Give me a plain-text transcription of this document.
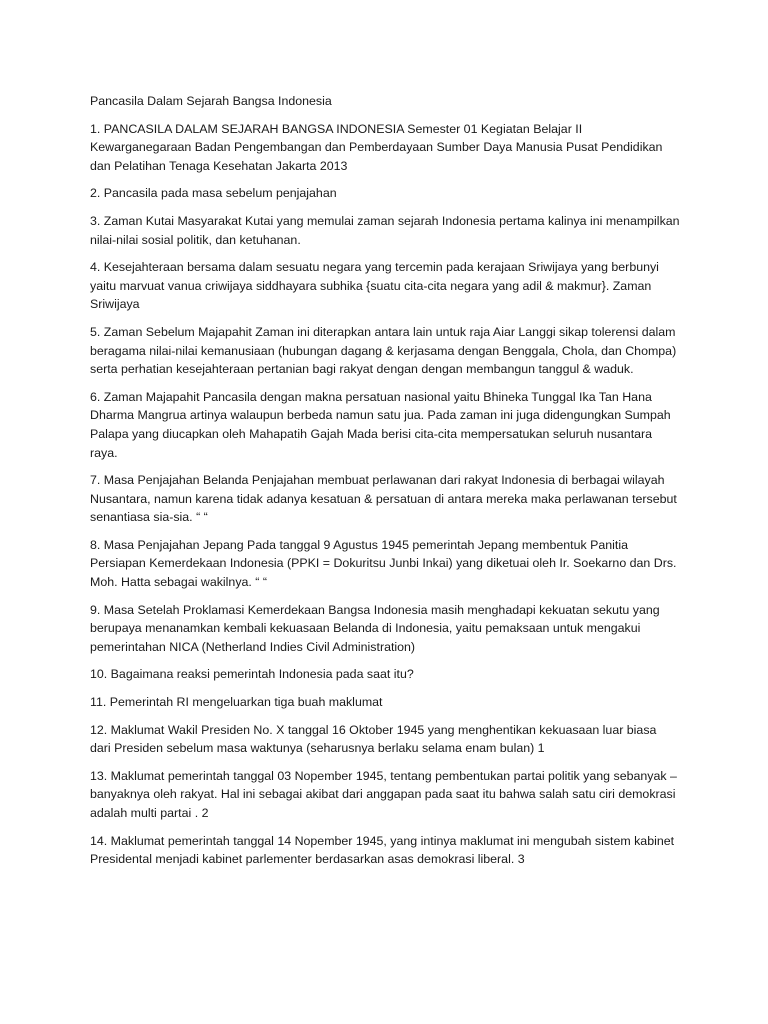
Pancasila Dalam Sejarah Bangsa Indonesia

1. PANCASILA DALAM SEJARAH BANGSA INDONESIA Semester 01 Kegiatan Belajar II Kewarganegaraan Badan Pengembangan dan Pemberdayaan Sumber Daya Manusia Pusat Pendidikan dan Pelatihan Tenaga Kesehatan Jakarta 2013

2. Pancasila pada masa sebelum penjajahan

3. Zaman Kutai Masyarakat Kutai yang memulai zaman sejarah Indonesia pertama kalinya ini menampilkan nilai-nilai sosial politik, dan ketuhanan.

4. Kesejahteraan bersama dalam sesuatu negara yang tercemin pada kerajaan Sriwijaya yang berbunyi yaitu marvuat vanua criwijaya siddhayara subhika {suatu cita-cita negara yang adil & makmur}. Zaman Sriwijaya

5. Zaman Sebelum Majapahit Zaman ini diterapkan antara lain untuk raja Aiar Langgi sikap tolerensi dalam beragama nilai-nilai kemanusiaan (hubungan dagang & kerjasama dengan Benggala, Chola, dan Chompa) serta perhatian kesejahteraan pertanian bagi rakyat dengan dengan membangun tanggul & waduk.

6. Zaman Majapahit Pancasila dengan makna persatuan nasional yaitu Bhineka Tunggal Ika Tan Hana Dharma Mangrua artinya walaupun berbeda namun satu jua. Pada zaman ini juga didengungkan Sumpah Palapa yang diucapkan oleh Mahapatih Gajah Mada berisi cita-cita mempersatukan seluruh nusantara raya.

7. Masa Penjajahan Belanda Penjajahan membuat perlawanan dari rakyat Indonesia di berbagai wilayah Nusantara, namun karena tidak adanya kesatuan & persatuan di antara mereka maka perlawanan tersebut senantiasa sia-sia. “ “

8. Masa Penjajahan Jepang Pada tanggal 9 Agustus 1945 pemerintah Jepang membentuk Panitia Persiapan Kemerdekaan Indonesia (PPKI = Dokuritsu Junbi Inkai) yang diketuai oleh Ir. Soekarno dan Drs. Moh. Hatta sebagai wakilnya. “ “

9. Masa Setelah Proklamasi Kemerdekaan Bangsa Indonesia masih menghadapi kekuatan sekutu yang berupaya menanamkan kembali kekuasaan Belanda di Indonesia, yaitu pemaksaan untuk mengakui pemerintahan NICA (Netherland Indies Civil Administration)

10. Bagaimana reaksi pemerintah Indonesia pada saat itu?

11. Pemerintah RI mengeluarkan tiga buah maklumat

12. Maklumat Wakil Presiden No. X tanggal 16 Oktober 1945 yang menghentikan kekuasaan luar biasa dari Presiden sebelum masa waktunya (seharusnya berlaku selama enam bulan) 1

13. Maklumat pemerintah tanggal 03 Nopember 1945, tentang pembentukan partai politik yang sebanyak –banyaknya oleh rakyat. Hal ini sebagai akibat dari anggapan pada saat itu bahwa salah satu ciri demokrasi adalah multi partai . 2

14. Maklumat pemerintah tanggal 14 Nopember 1945, yang intinya maklumat ini mengubah sistem kabinet Presidental menjadi kabinet parlementer berdasarkan asas demokrasi liberal. 3
